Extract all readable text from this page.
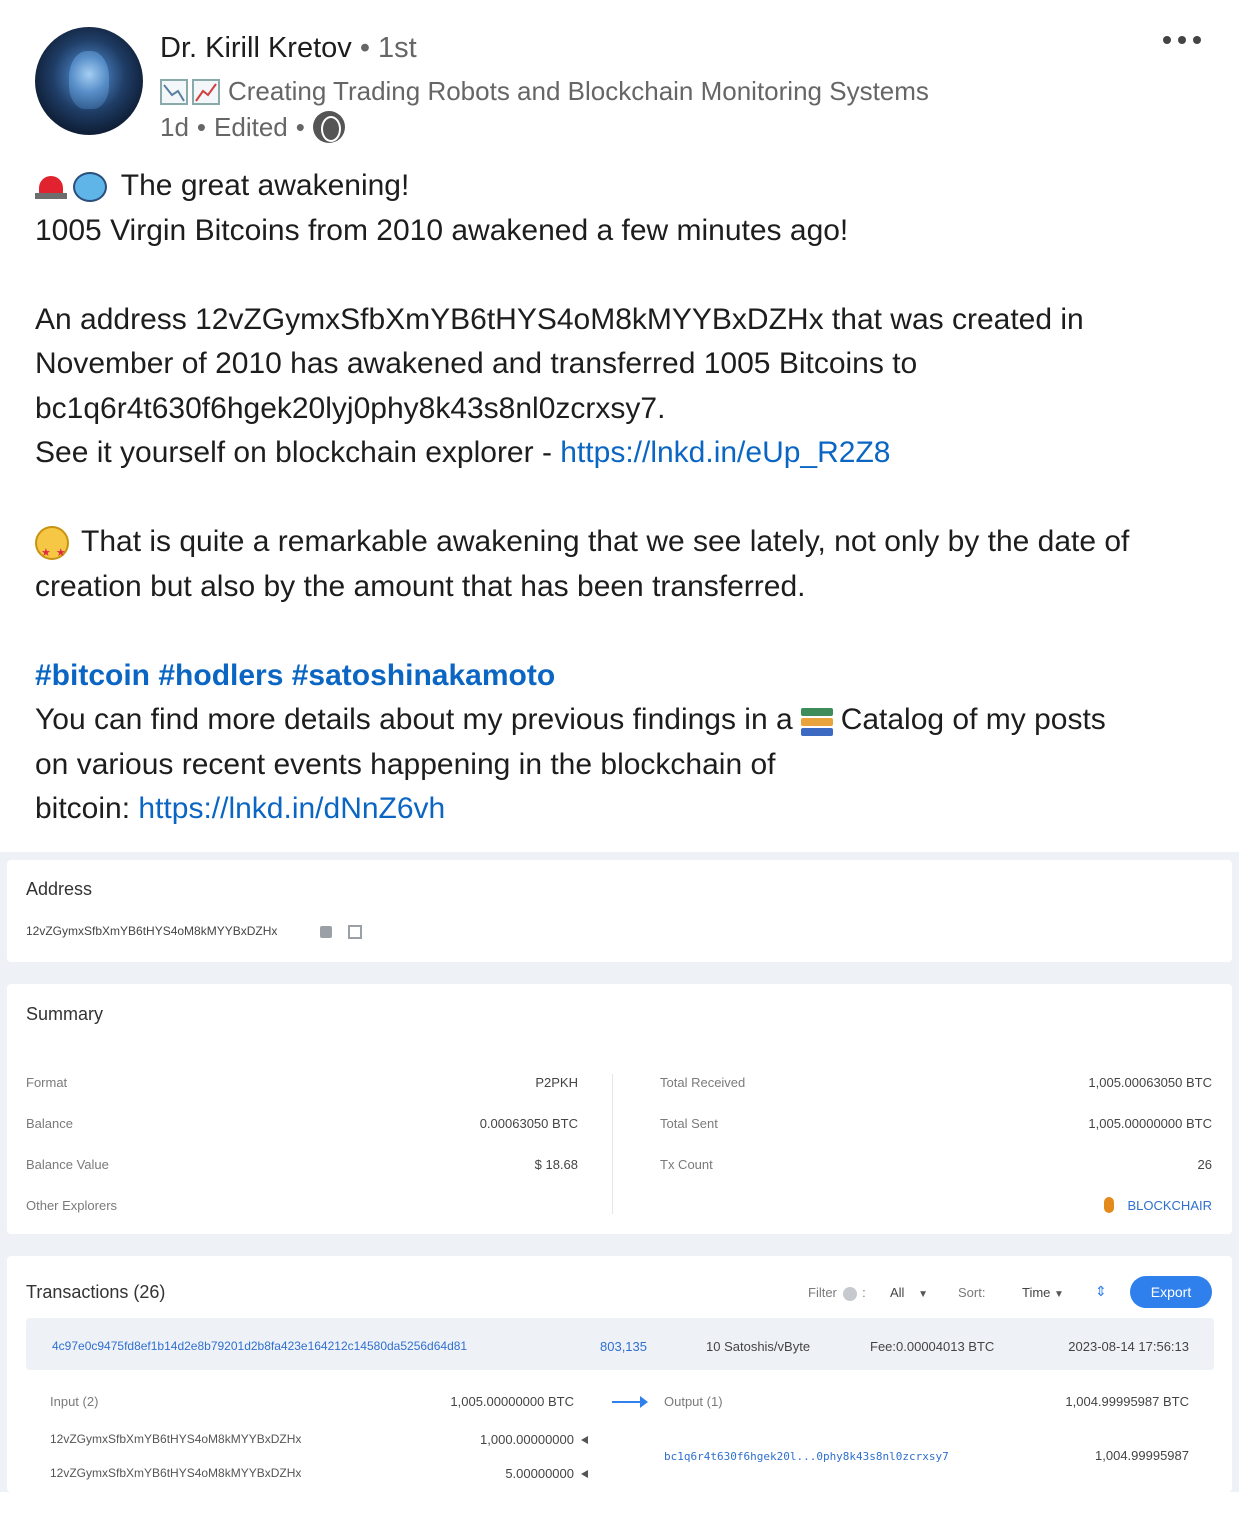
Dr. Kirill Kretov • 1st
Creating Trading Robots and Blockchain Monitoring Systems
1d • Edited •

The great awakening!

1005 Virgin Bitcoins from 2010 awakened a few minutes ago!

An address 12vZGymxSfbXmYB6tHYS4oM8kMYYBxDZHx that was created in

November of 2010 has awakened and transferred 1005 Bitcoins to

bc1q6r4t630f6hgek20lyj0phy8k43s8nl0zcrxsy7.

See it yourself on blockchain explorer - https://lnkd.in/eUp_R2Z8

★ ★That is quite a remarkable awakening that we see lately, not only by the date of

creation but also by the amount that has been transferred.

#bitcoin #hodlers #satoshinakamoto

You can find more details about my previous findings in a Catalog of my posts

on various recent events happening in the blockchain of

bitcoin: https://lnkd.in/dNnZ6vh

Address
12vZGymxSfbXmYB6tHYS4oM8kMYYBxDZHx
Summary
Format	P2PKH
Balance	0.00063050 BTC
Balance Value	$ 18.68
Other Explorers
Total Received	1,005.00063050 BTC
Total Sent	1,005.00000000 BTC
Tx Count	26
BLOCKCHAIR
Transactions (26)	Filter  : All ▼ Sort:	Time ▼ ⇕	Export
4c97e0c9475fd8ef1b14d2e8b79201d2b8fa423e164212c14580da5256d64d81	803,135	10 Satoshis/vByte	Fee:0.00004013 BTC	2023-08-14 17:56:13
Input (2)	1,005.00000000 BTC	Output (1)	1,004.99995987 BTC
12vZGymxSfbXmYB6tHYS4oM8kMYYBxDZHx	1,000.00000000
12vZGymxSfbXmYB6tHYS4oM8kMYYBxDZHx	5.00000000
bc1q6r4t630f6hgek20l...0phy8k43s8nl0zcrxsy7	1,004.99995987
